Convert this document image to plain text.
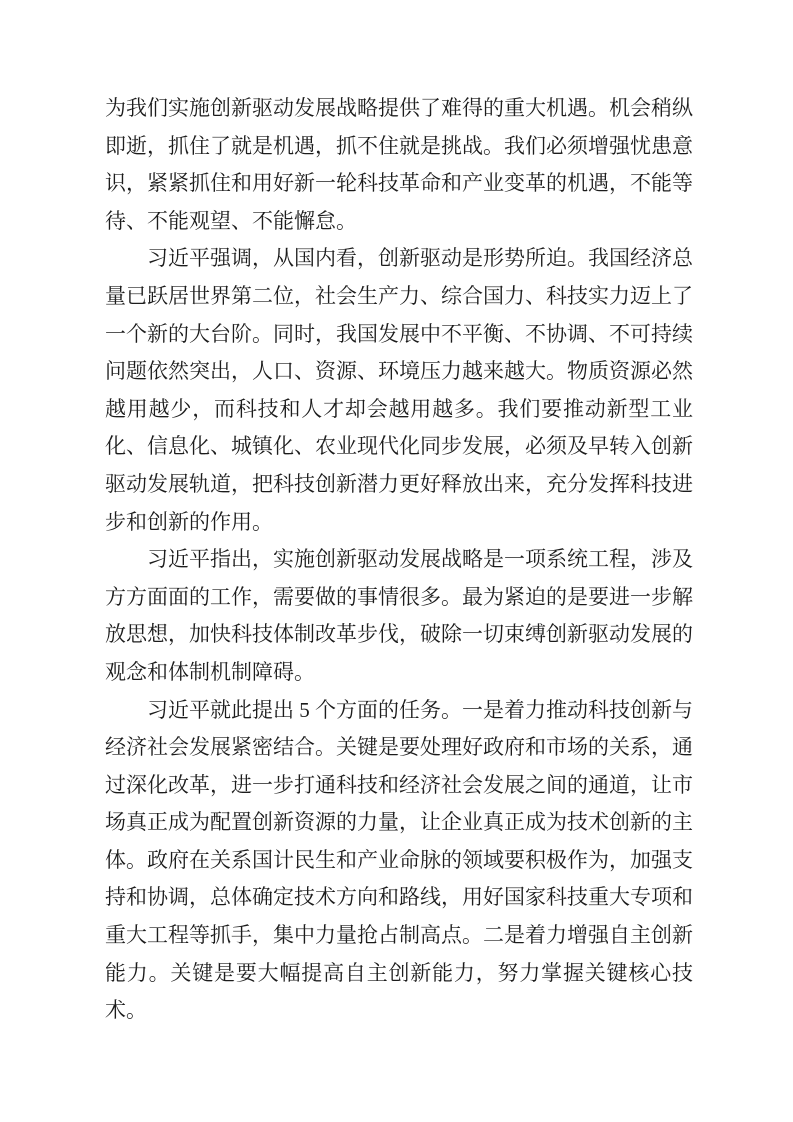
为我们实施创新驱动发展战略提供了难得的重大机遇。机会稍纵即逝，抓住了就是机遇，抓不住就是挑战。我们必须增强忧患意识，紧紧抓住和用好新一轮科技革命和产业变革的机遇，不能等待、不能观望、不能懈怠。

习近平强调，从国内看，创新驱动是形势所迫。我国经济总量已跃居世界第二位，社会生产力、综合国力、科技实力迈上了一个新的大台阶。同时，我国发展中不平衡、不协调、不可持续问题依然突出，人口、资源、环境压力越来越大。物质资源必然越用越少，而科技和人才却会越用越多。我们要推动新型工业化、信息化、城镇化、农业现代化同步发展，必须及早转入创新驱动发展轨道，把科技创新潜力更好释放出来，充分发挥科技进步和创新的作用。

习近平指出，实施创新驱动发展战略是一项系统工程，涉及方方面面的工作，需要做的事情很多。最为紧迫的是要进一步解放思想，加快科技体制改革步伐，破除一切束缚创新驱动发展的观念和体制机制障碍。

习近平就此提出 5 个方面的任务。一是着力推动科技创新与经济社会发展紧密结合。关键是要处理好政府和市场的关系，通过深化改革，进一步打通科技和经济社会发展之间的通道，让市场真正成为配置创新资源的力量，让企业真正成为技术创新的主体。政府在关系国计民生和产业命脉的领域要积极作为，加强支持和协调，总体确定技术方向和路线，用好国家科技重大专项和重大工程等抓手，集中力量抢占制高点。二是着力增强自主创新能力。关键是要大幅提高自主创新能力，努力掌握关键核心技术。
